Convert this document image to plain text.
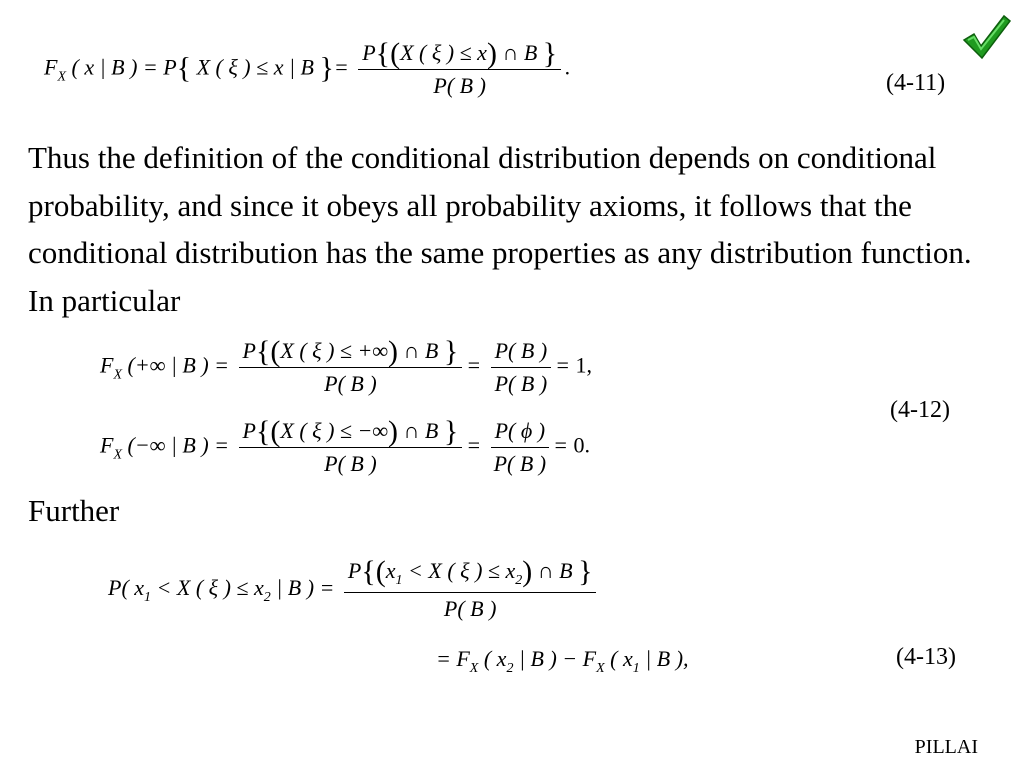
$F_X$ ( x | B ) = P{ X ( ξ ) ≤ x | B }= $\frac{P\{(X ( \xi ) \le x) \cap B \}}{P( B )}$ .
(4-11)
Thus the definition of the conditional distribution depends on conditional probability, and since it obeys all probability axioms, it follows that the conditional distribution has the same properties as any distribution function. In particular
$F_X$ (+∞ | B ) = $\frac{P\{(X ( \xi ) \le +\infty) \cap B \}}{P( B )} = \frac{P( B )}{P( B )} = 1$,
$F_X$ (−∞ | B ) = $\frac{P\{(X ( \xi ) \le -\infty) \cap B \}}{P( B )} = \frac{P( \phi )}{P( B )} = 0$.
(4-12)
Further
P( $x_1 < X$ ( ξ ) ≤ $x_2$ | B ) = $\frac{P\{(x_1 < X ( \xi ) \le x_2) \cap B \}}{P( B )}$
= $F_X$ ( $x_2$ | B ) − $F_X$ ( $x_1$ | B ),	(4-13)
PILLAI
